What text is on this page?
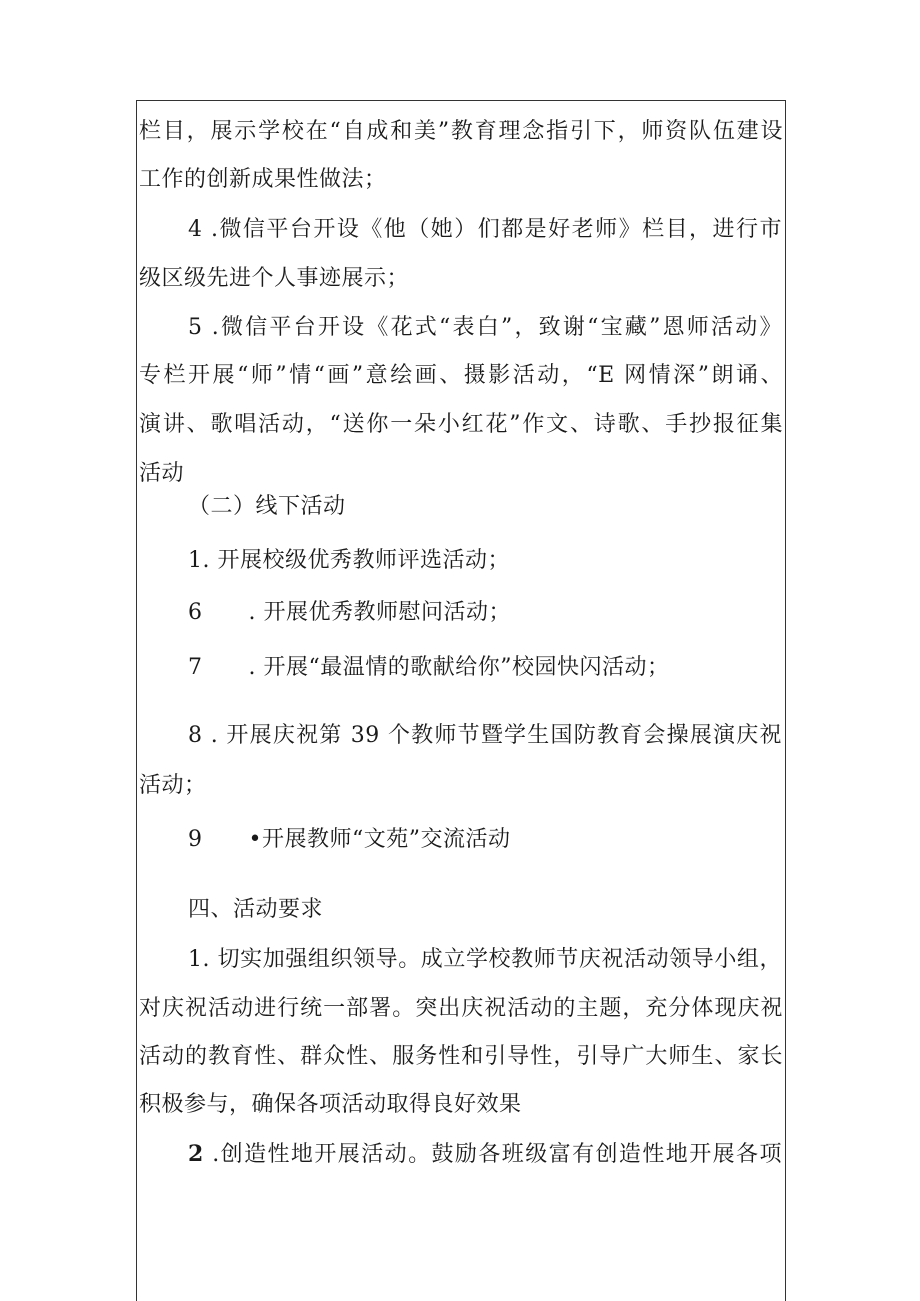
栏目，展示学校在“自成和美”教育理念指引下，师资队伍建设
工作的创新成果性做法；
4 .微信平台开设《他（她）们都是好老师》栏目，进行市
级区级先进个人事迹展示；
5 .微信平台开设《花式“表白”，致谢“宝藏”恩师活动》
专栏开展“师”情“画”意绘画、摄影活动，“E 网情深”朗诵、
演讲、歌唱活动，“送你一朵小红花”作文、诗歌、手抄报征集
活动
（二）线下活动
1. 开展校级优秀教师评选活动；
6 . 开展优秀教师慰问活动；
7 . 开展“最温情的歌献给你”校园快闪活动；
8 . 开展庆祝第 39 个教师节暨学生国防教育会操展演庆祝
活动；
9 •开展教师“文苑”交流活动
四、活动要求
1. 切实加强组织领导。成立学校教师节庆祝活动领导小组，
对庆祝活动进行统一部署。突出庆祝活动的主题，充分体现庆祝
活动的教育性、群众性、服务性和引导性，引导广大师生、家长
积极参与，确保各项活动取得良好效果
2 .创造性地开展活动。鼓励各班级富有创造性地开展各项
